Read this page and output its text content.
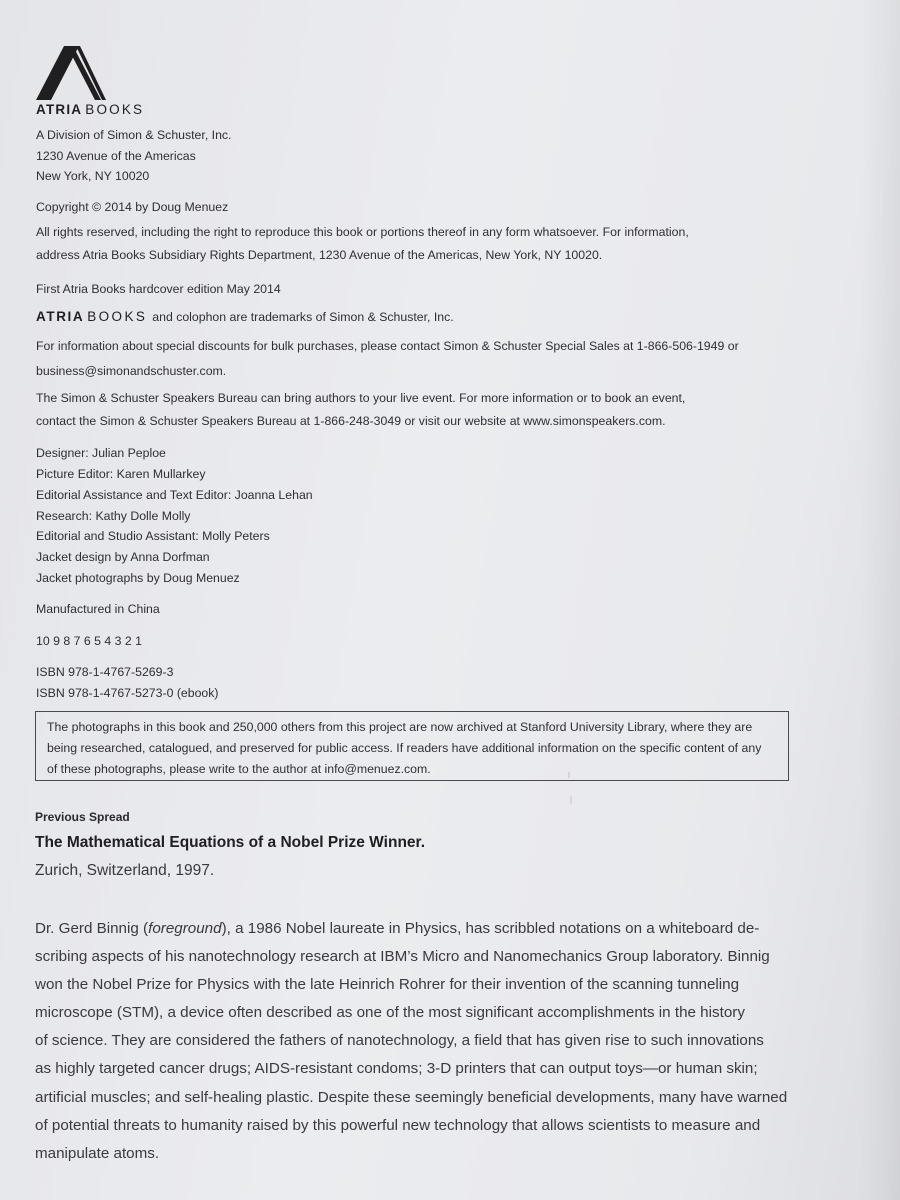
ATRIA BOOKS
A Division of Simon & Schuster, Inc.
1230 Avenue of the Americas
New York, NY 10020
Copyright © 2014 by Doug Menuez
All rights reserved, including the right to reproduce this book or portions thereof in any form whatsoever. For information,
address Atria Books Subsidiary Rights Department, 1230 Avenue of the Americas, New York, NY 10020.
First Atria Books hardcover edition May 2014
ATRIA BOOKS and colophon are trademarks of Simon & Schuster, Inc.
For information about special discounts for bulk purchases, please contact Simon & Schuster Special Sales at 1-866-506-1949 or
business@simonandschuster.com.
The Simon & Schuster Speakers Bureau can bring authors to your live event. For more information or to book an event,
contact the Simon & Schuster Speakers Bureau at 1-866-248-3049 or visit our website at www.simonspeakers.com.
Designer: Julian Peploe
Picture Editor: Karen Mullarkey
Editorial Assistance and Text Editor: Joanna Lehan
Research: Kathy Dolle Molly
Editorial and Studio Assistant: Molly Peters
Jacket design by Anna Dorfman
Jacket photographs by Doug Menuez
Manufactured in China
10 9 8 7 6 5 4 3 2 1
ISBN 978-1-4767-5269-3
ISBN 978-1-4767-5273-0 (ebook)
The photographs in this book and 250,000 others from this project are now archived at Stanford University Library, where they are
being researched, catalogued, and preserved for public access. If readers have additional information on the specific content of any
of these photographs, please write to the author at info@menuez.com.
Previous Spread
The Mathematical Equations of a Nobel Prize Winner.
Zurich, Switzerland, 1997.
Dr. Gerd Binnig (foreground), a 1986 Nobel laureate in Physics, has scribbled notations on a whiteboard de-
scribing aspects of his nanotechnology research at IBM’s Micro and Nanomechanics Group laboratory. Binnig
won the Nobel Prize for Physics with the late Heinrich Rohrer for their invention of the scanning tunneling
microscope (STM), a device often described as one of the most significant accomplishments in the history
of science. They are considered the fathers of nanotechnology, a field that has given rise to such innovations
as highly targeted cancer drugs; AIDS-resistant condoms; 3-D printers that can output toys—or human skin;
artificial muscles; and self-healing plastic. Despite these seemingly beneficial developments, many have warned
of potential threats to humanity raised by this powerful new technology that allows scientists to measure and
manipulate atoms.
